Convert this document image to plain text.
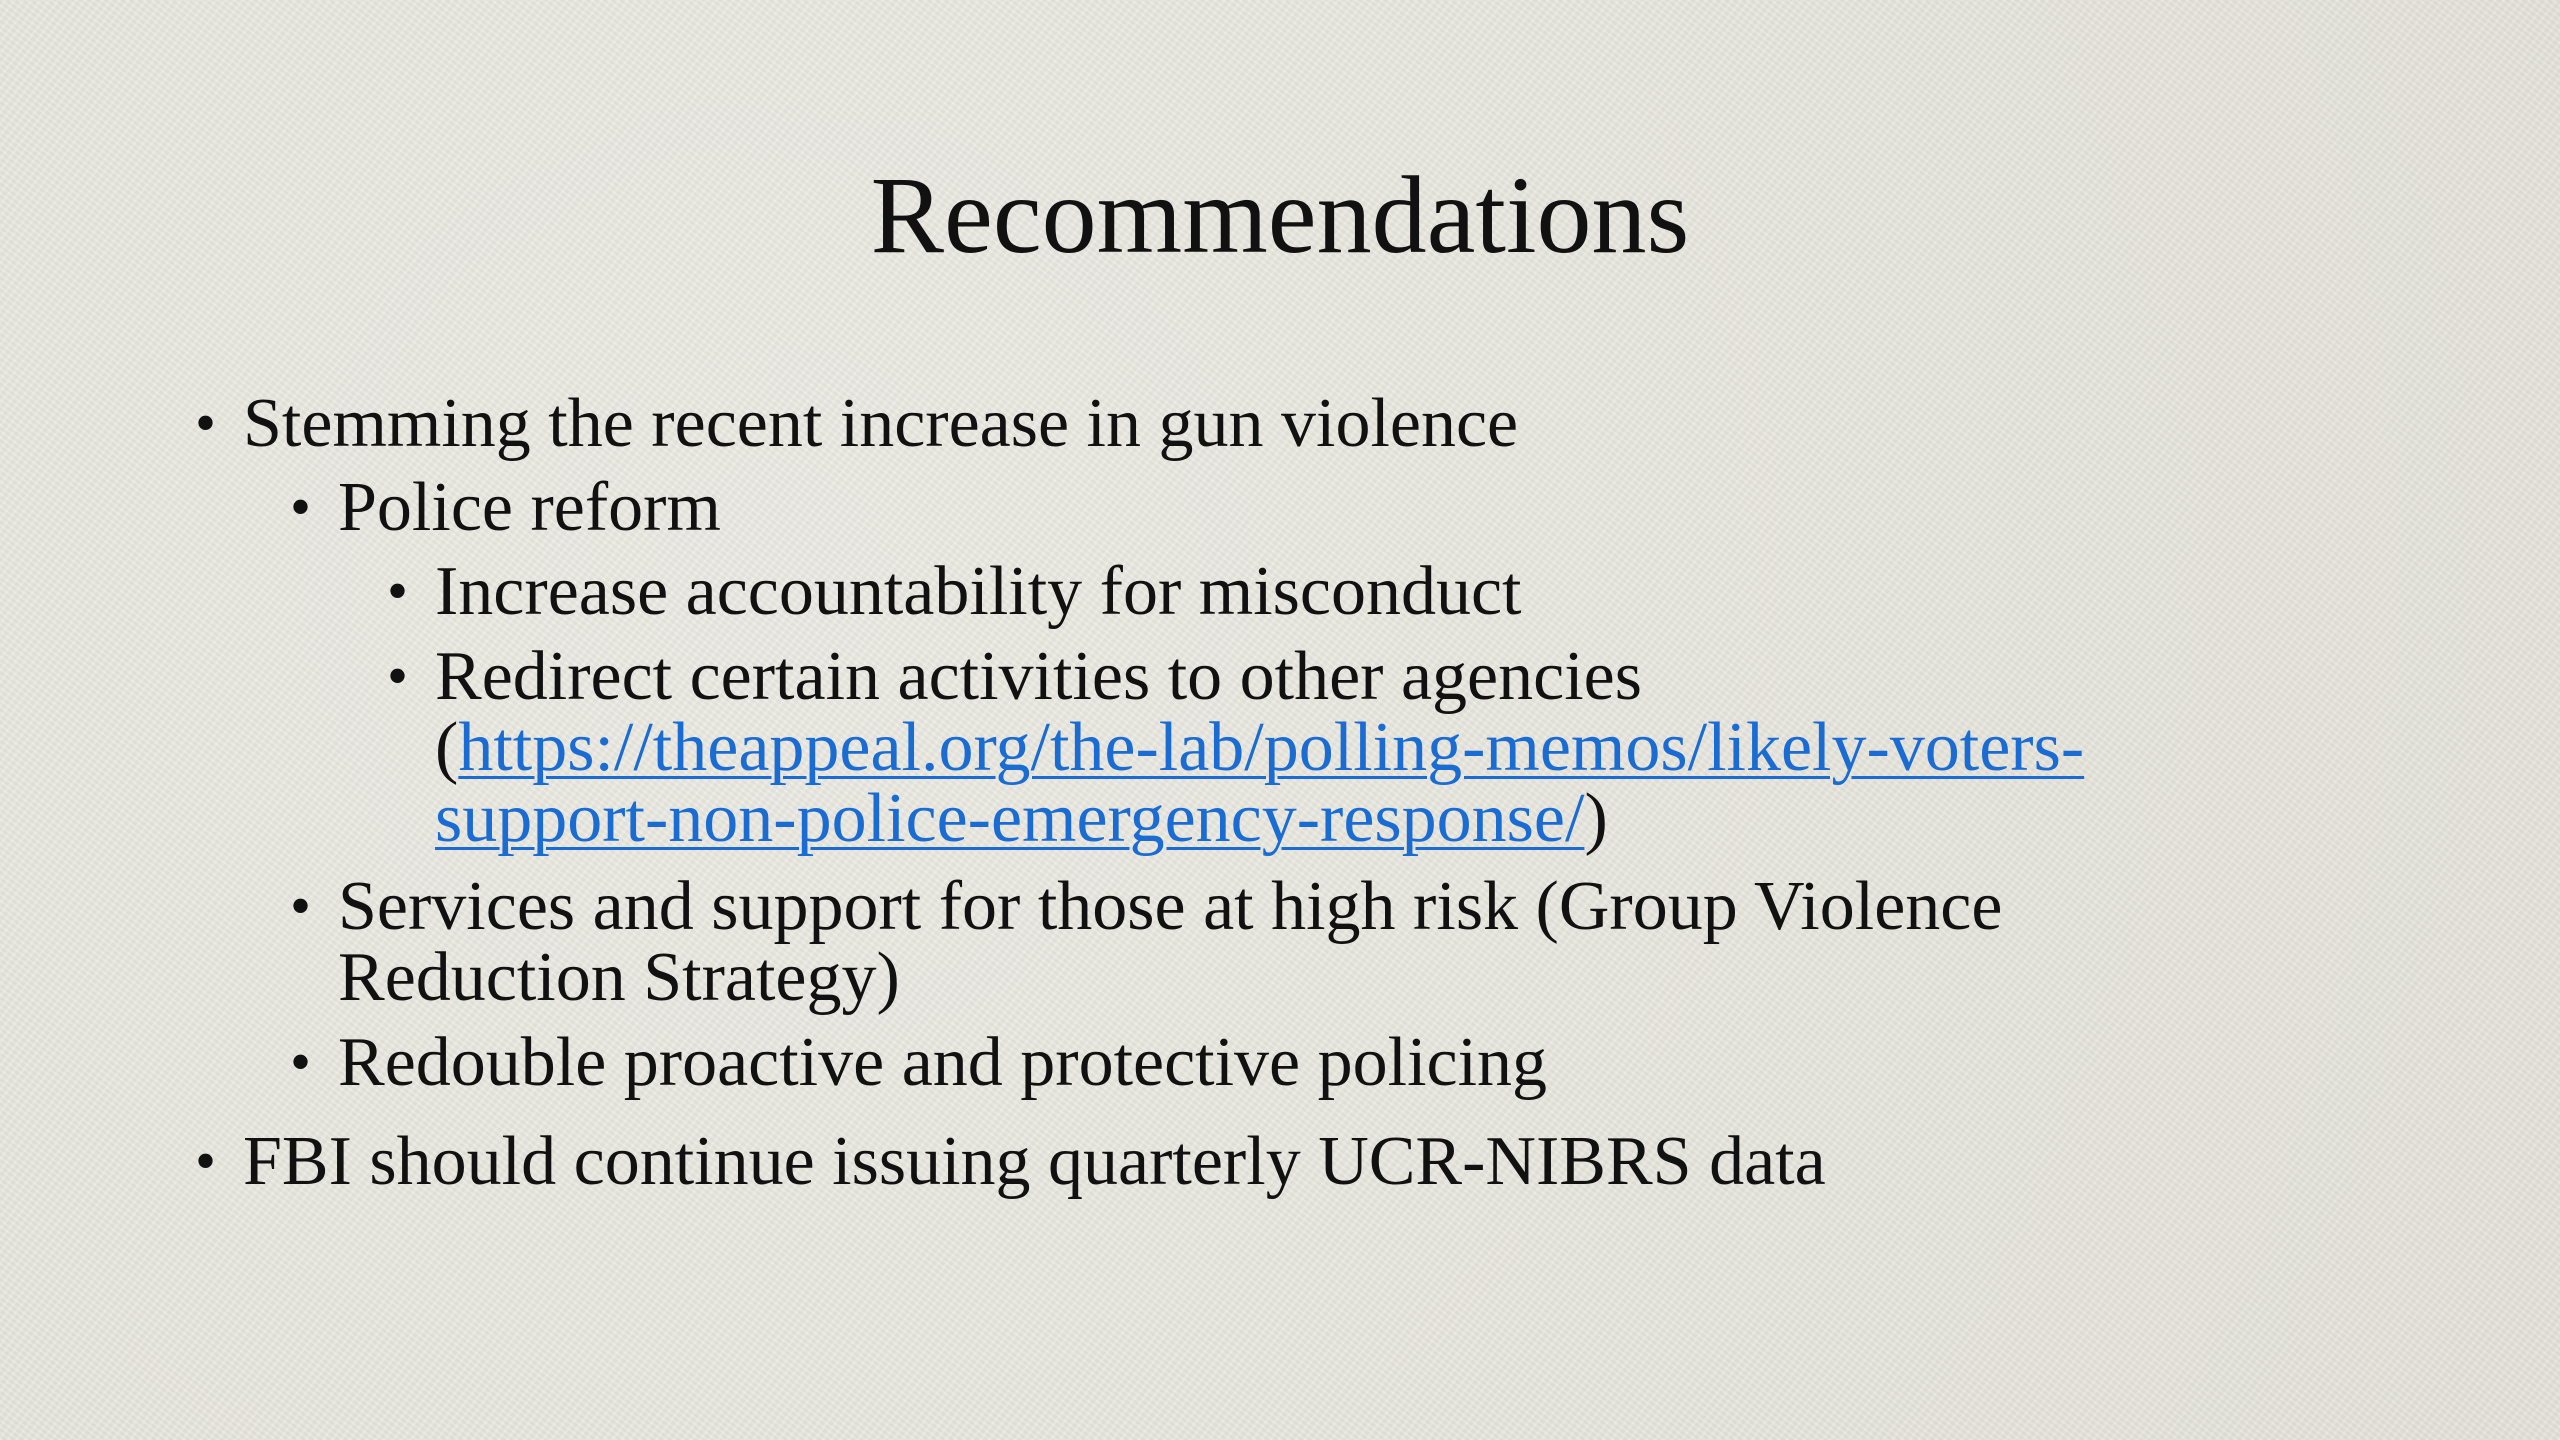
Recommendations
• Stemming the recent increase in gun violence
• Police reform
• Increase accountability for misconduct
• Redirect certain activities to other agencies
(https://theappeal.org/the-lab/polling-memos/likely-voters-
support-non-police-emergency-response/)
• Services and support for those at high risk (Group Violence
Reduction Strategy)
• Redouble proactive and protective policing
• FBI should continue issuing quarterly UCR-NIBRS data
